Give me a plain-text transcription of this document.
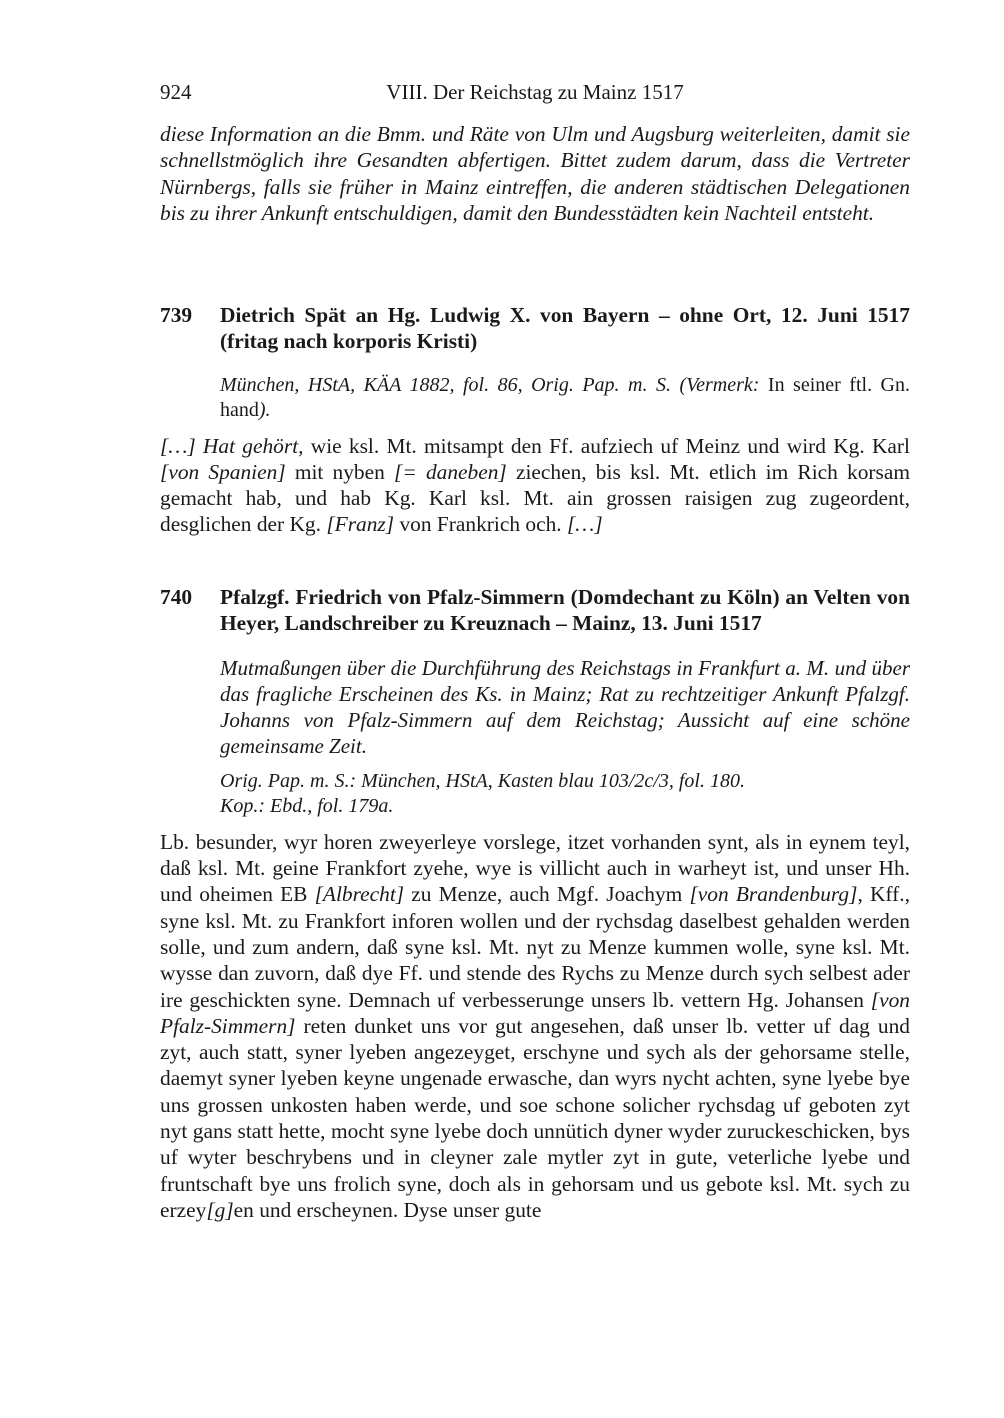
924	VIII. Der Reichstag zu Mainz 1517

diese Information an die Bmm. und Räte von Ulm und Augsburg weiterleiten, damit sie schnellstmöglich ihre Gesandten abfertigen. Bittet zudem darum, dass die Vertreter Nürnbergs, falls sie früher in Mainz eintreffen, die anderen städtischen Delegationen bis zu ihrer Ankunft entschuldigen, damit den Bundesstädten kein Nachteil entsteht.

739	Dietrich Spät an Hg. Ludwig X. von Bayern – ohne Ort, 12. Juni 1517 (fritag nach korporis Kristi)

München, HStA, KÄA 1882, fol. 86, Orig. Pap. m. S. (Vermerk: In seiner ftl. Gn. hand).

[…] Hat gehört, wie ksl. Mt. mitsampt den Ff. aufziech uf Meinz und wird Kg. Karl [von Spanien] mit nyben [= daneben] ziechen, bis ksl. Mt. etlich im Rich korsam gemacht hab, und hab Kg. Karl ksl. Mt. ain grossen raisigen zug zugeordent, desglichen der Kg. [Franz] von Frankrich och. […]

740	Pfalzgf. Friedrich von Pfalz-Simmern (Domdechant zu Köln) an Velten von Heyer, Landschreiber zu Kreuznach – Mainz, 13. Juni 1517

Mutmaßungen über die Durchführung des Reichstags in Frankfurt a. M. und über das fragliche Erscheinen des Ks. in Mainz; Rat zu rechtzeitiger Ankunft Pfalzgf. Johanns von Pfalz-Simmern auf dem Reichstag; Aussicht auf eine schöne gemeinsame Zeit.

Orig. Pap. m. S.: München, HStA, Kasten blau 103/2c/3, fol. 180.

Kop.: Ebd., fol. 179a.

Lb. besunder, wyr horen zweyerleye vorslege, itzet vorhanden synt, als in eynem teyl, daß ksl. Mt. geine Frankfort zyehe, wye is villicht auch in warheyt ist, und unser Hh. und oheimen EB [Albrecht] zu Menze, auch Mgf. Joachym [von Brandenburg], Kff., syne ksl. Mt. zu Frankfort inforen wollen und der rychsdag daselbest gehalden werden solle, und zum andern, daß syne ksl. Mt. nyt zu Menze kummen wolle, syne ksl. Mt. wysse dan zuvorn, daß dye Ff. und stende des Rychs zu Menze durch sych selbest ader ire geschickten syne. Demnach uf verbesserunge unsers lb. vettern Hg. Johansen [von Pfalz-Simmern] reten dunket uns vor gut angesehen, daß unser lb. vetter uf dag und zyt, auch statt, syner lyeben angezeyget, erschyne und sych als der gehorsame stelle, daemyt syner lyeben keyne ungenade erwasche, dan wyrs nycht achten, syne lyebe bye uns grossen unkosten haben werde, und soe schone solicher rychsdag uf geboten zyt nyt gans statt hette, mocht syne lyebe doch unnütich dyner wyder zuruckeschicken, bys uf wyter beschrybens und in cleyner zale mytler zyt in gute, veterliche lyebe und fruntschaft bye uns frolich syne, doch als in gehorsam und us gebote ksl. Mt. sych zu erzey[g]en und erscheynen. Dyse unser gute
